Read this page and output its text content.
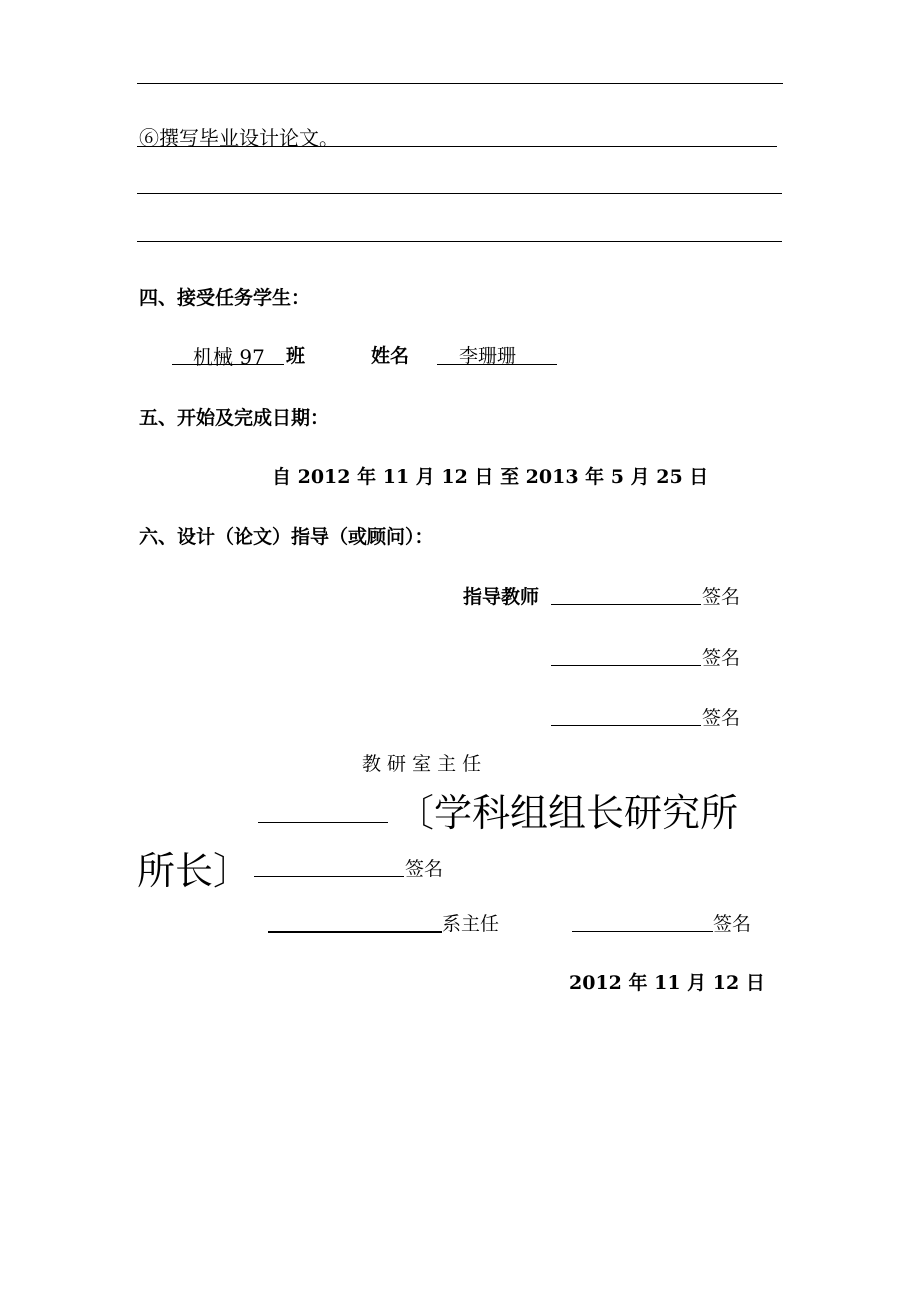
⑥撰写毕业设计论文。
四、接受任务学生：
机械 97 班	姓名	李珊珊
五、开始及完成日期：
自 2012 年 11 月 12 日 至 2013 年 5 月 25 日
六、设计（论文）指导（或顾问）：
指导教师	签名
签名
签名
教 研 室 主 任
〔学科组组长研究所
所长〕	签名
系主任	签名
2012 年 11 月 12 日
